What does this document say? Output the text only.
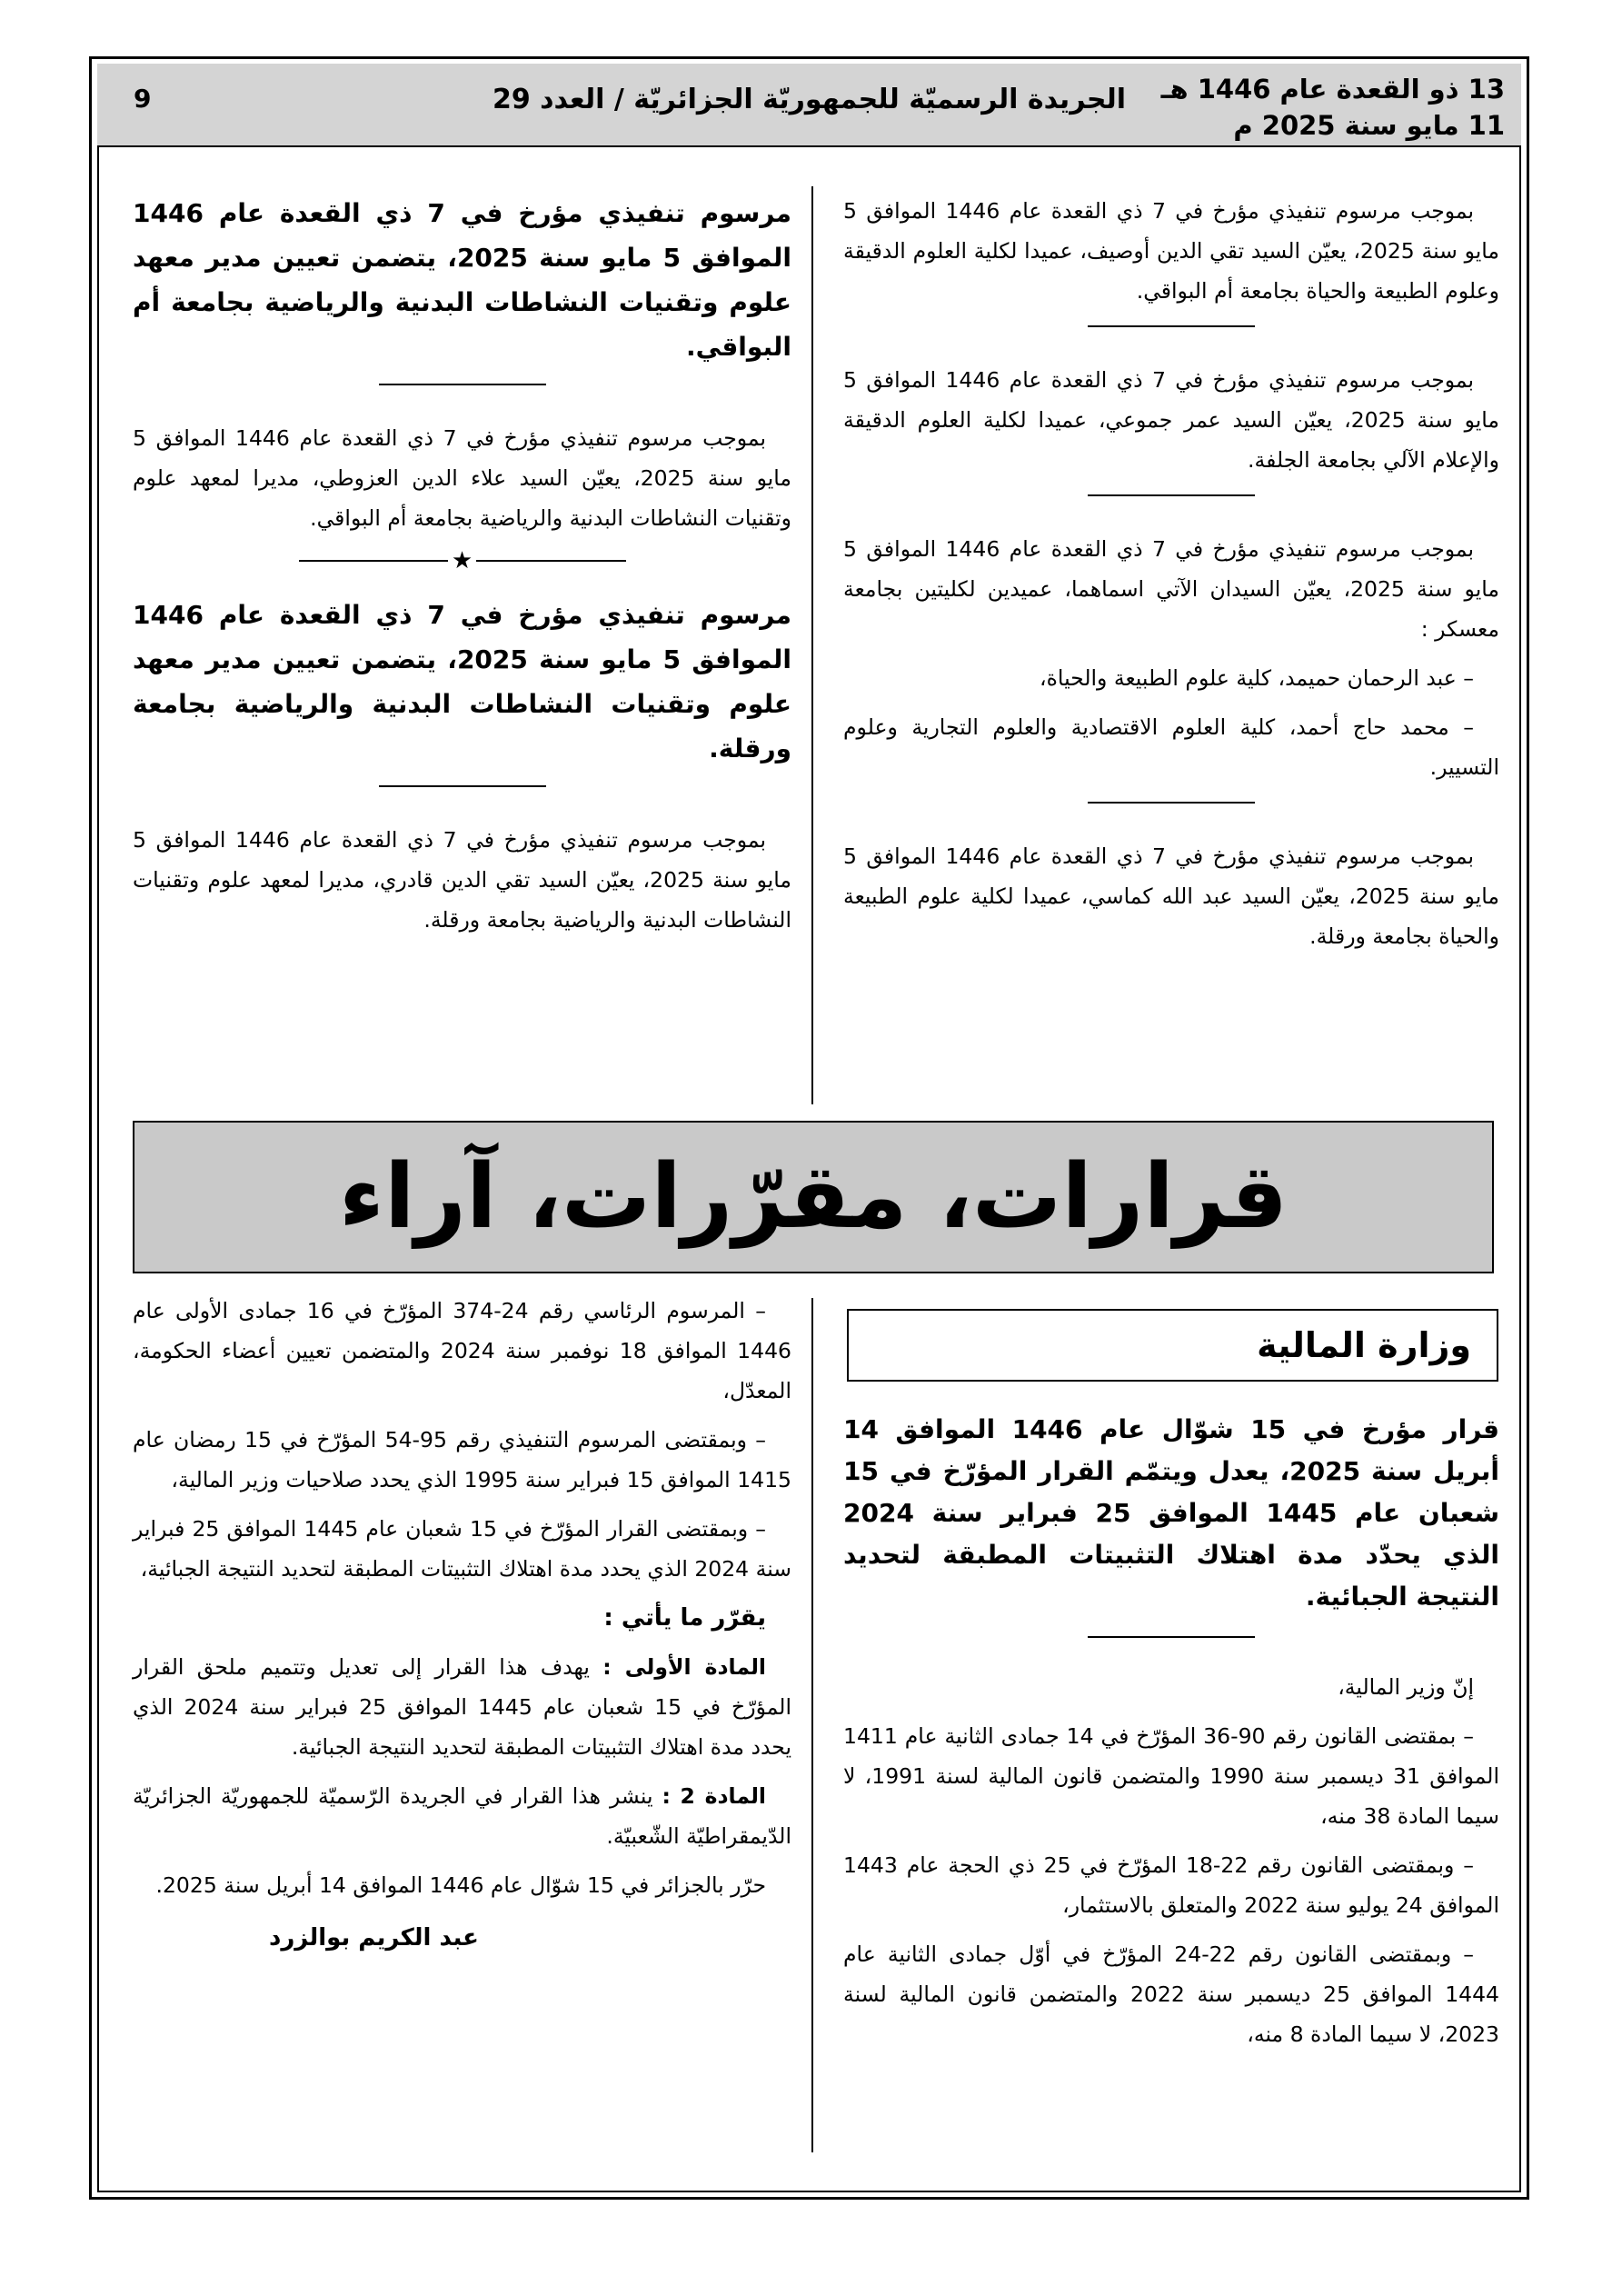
13 ذو القعدة عام 1446 هـ
11 مايو سنة 2025 م
الجريدة الرسميّة للجمهوريّة الجزائريّة / العدد 29
9

بموجب مرسوم تنفيذي مؤرخ في 7 ذي القعدة عام 1446 الموافق 5 مايو سنة 2025، يعيّن السيد تقي الدين أوصيف، عميدا لكلية العلوم الدقيقة وعلوم الطبيعة والحياة بجامعة أم البواقي.

بموجب مرسوم تنفيذي مؤرخ في 7 ذي القعدة عام 1446 الموافق 5 مايو سنة 2025، يعيّن السيد عمر جموعي، عميدا لكلية العلوم الدقيقة والإعلام الآلي بجامعة الجلفة.

بموجب مرسوم تنفيذي مؤرخ في 7 ذي القعدة عام 1446 الموافق 5 مايو سنة 2025، يعيّن السيدان الآتي اسماهما، عميدين لكليتين بجامعة معسكر :

– عبد الرحمان حميمد، كلية علوم الطبيعة والحياة،

– محمد حاج أحمد، كلية العلوم الاقتصادية والعلوم التجارية وعلوم التسيير.

بموجب مرسوم تنفيذي مؤرخ في 7 ذي القعدة عام 1446 الموافق 5 مايو سنة 2025، يعيّن السيد عبد الله كماسي، عميدا لكلية علوم الطبيعة والحياة بجامعة ورقلة.

مرسوم تنفيذي مؤرخ في 7 ذي القعدة عام 1446 الموافق 5 مايو سنة 2025، يتضمن تعيين مدير معهد علوم وتقنيات النشاطات البدنية والرياضية بجامعة أم البواقي.

بموجب مرسوم تنفيذي مؤرخ في 7 ذي القعدة عام 1446 الموافق 5 مايو سنة 2025، يعيّن السيد علاء الدين العزوطي، مديرا لمعهد علوم وتقنيات النشاطات البدنية والرياضية بجامعة أم البواقي.

★

مرسوم تنفيذي مؤرخ في 7 ذي القعدة عام 1446 الموافق 5 مايو سنة 2025، يتضمن تعيين مدير معهد علوم وتقنيات النشاطات البدنية والرياضية بجامعة ورقلة.

بموجب مرسوم تنفيذي مؤرخ في 7 ذي القعدة عام 1446 الموافق 5 مايو سنة 2025، يعيّن السيد تقي الدين قادري، مديرا لمعهد علوم وتقنيات النشاطات البدنية والرياضية بجامعة ورقلة.

قرارات، مقرّرات، آراء
وزارة المالية

قرار مؤرخ في 15 شوّال عام 1446 الموافق 14 أبريل سنة 2025، يعدل ويتمّم القرار المؤرّخ في 15 شعبان عام 1445 الموافق 25 فبراير سنة 2024 الذي يحدّد مدة اهتلاك التثبيتات المطبقة لتحديد النتيجة الجبائية.

إنّ وزير المالية،

– بمقتضى القانون رقم 90-36 المؤرّخ في 14 جمادى الثانية عام 1411 الموافق 31 ديسمبر سنة 1990 والمتضمن قانون المالية لسنة 1991، لا سيما المادة 38 منه،

– وبمقتضى القانون رقم 22-18 المؤرّخ في 25 ذي الحجة عام 1443 الموافق 24 يوليو سنة 2022 والمتعلق بالاستثمار،

– وبمقتضى القانون رقم 22-24 المؤرّخ في أوّل جمادى الثانية عام 1444 الموافق 25 ديسمبر سنة 2022 والمتضمن قانون المالية لسنة 2023، لا سيما المادة 8 منه،

– المرسوم الرئاسي رقم 24-374 المؤرّخ في 16 جمادى الأولى عام 1446 الموافق 18 نوفمبر سنة 2024 والمتضمن تعيين أعضاء الحكومة، المعدّل،

– وبمقتضى المرسوم التنفيذي رقم 95-54 المؤرّخ في 15 رمضان عام 1415 الموافق 15 فبراير سنة 1995 الذي يحدد صلاحيات وزير المالية،

– وبمقتضى القرار المؤرّخ في 15 شعبان عام 1445 الموافق 25 فبراير سنة 2024 الذي يحدد مدة اهتلاك التثبيتات المطبقة لتحديد النتيجة الجبائية،

يقرّر ما يأتي :

المادة الأولى : يهدف هذا القرار إلى تعديل وتتميم ملحق القرار المؤرّخ في 15 شعبان عام 1445 الموافق 25 فبراير سنة 2024 الذي يحدد مدة اهتلاك التثبيتات المطبقة لتحديد النتيجة الجبائية.

المادة 2 : ينشر هذا القرار في الجريدة الرّسميّة للجمهوريّة الجزائريّة الدّيمقراطيّة الشّعبيّة.

حرّر بالجزائر في 15 شوّال عام 1446 الموافق 14 أبريل سنة 2025.

عبد الكريم بوالزرد
